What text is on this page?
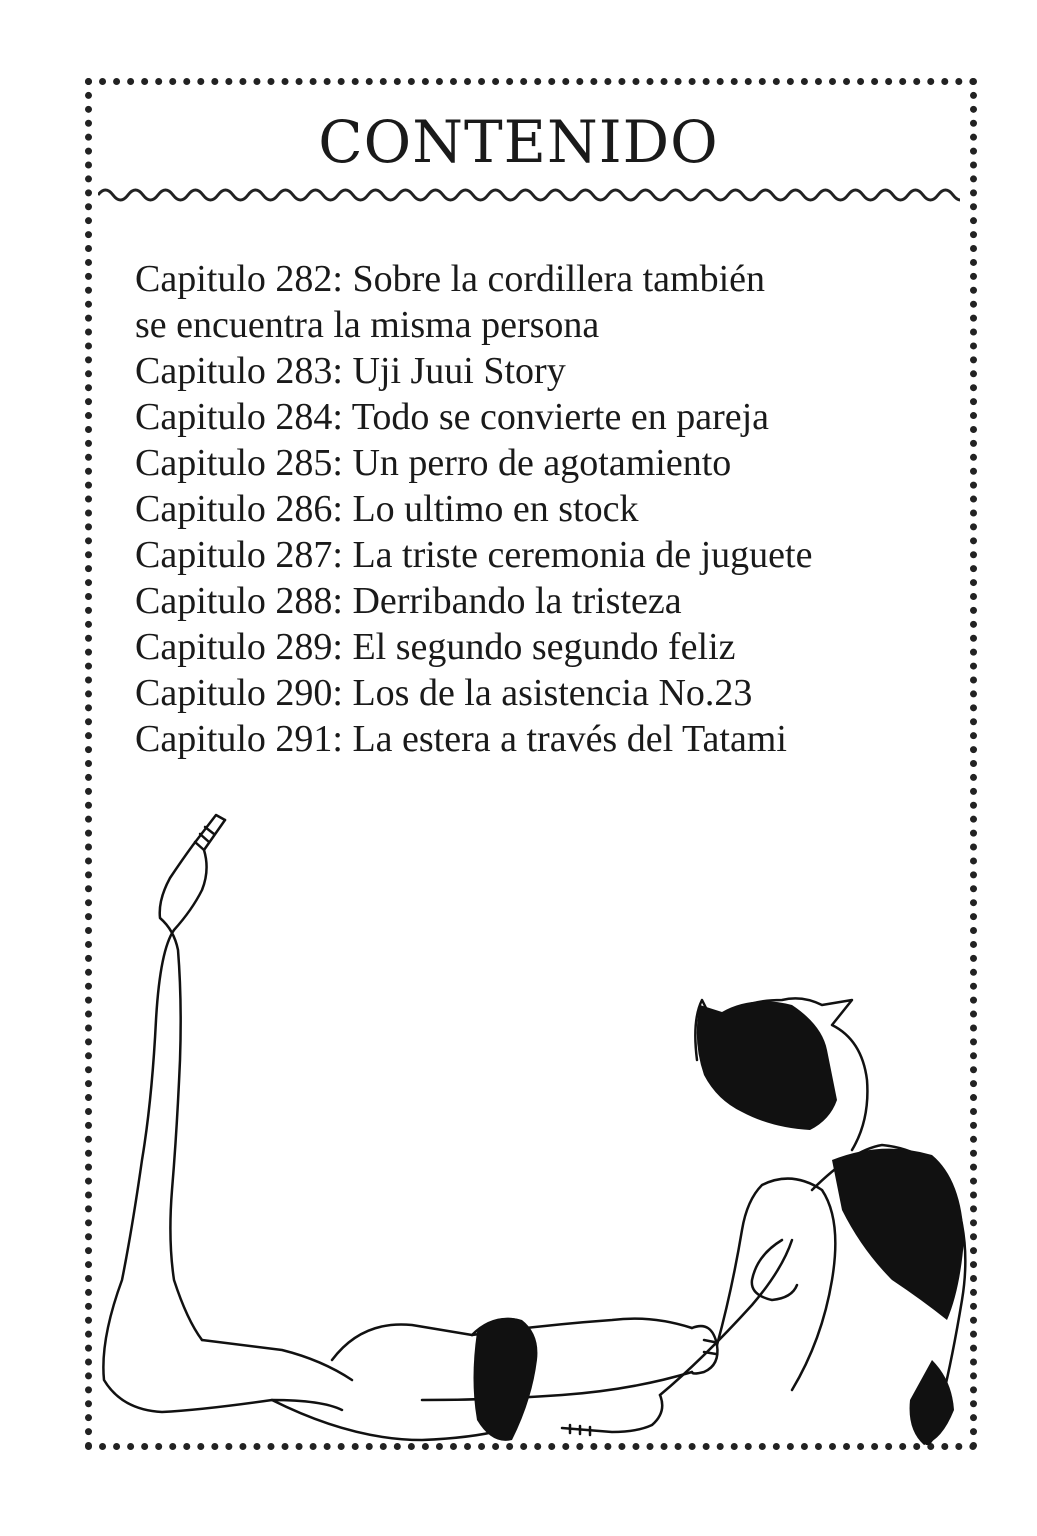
CONTENIDO
Capitulo 282: Sobre la cordillera también
se encuentra la misma persona
Capitulo 283: Uji Juui Story
Capitulo 284: Todo se convierte en pareja
Capitulo 285: Un perro de agotamiento
Capitulo 286: Lo ultimo en stock
Capitulo 287: La triste ceremonia de juguete
Capitulo 288: Derribando la tristeza
Capitulo 289: El segundo segundo feliz
Capitulo 290: Los de la asistencia No.23
Capitulo 291: La estera a través del Tatami
